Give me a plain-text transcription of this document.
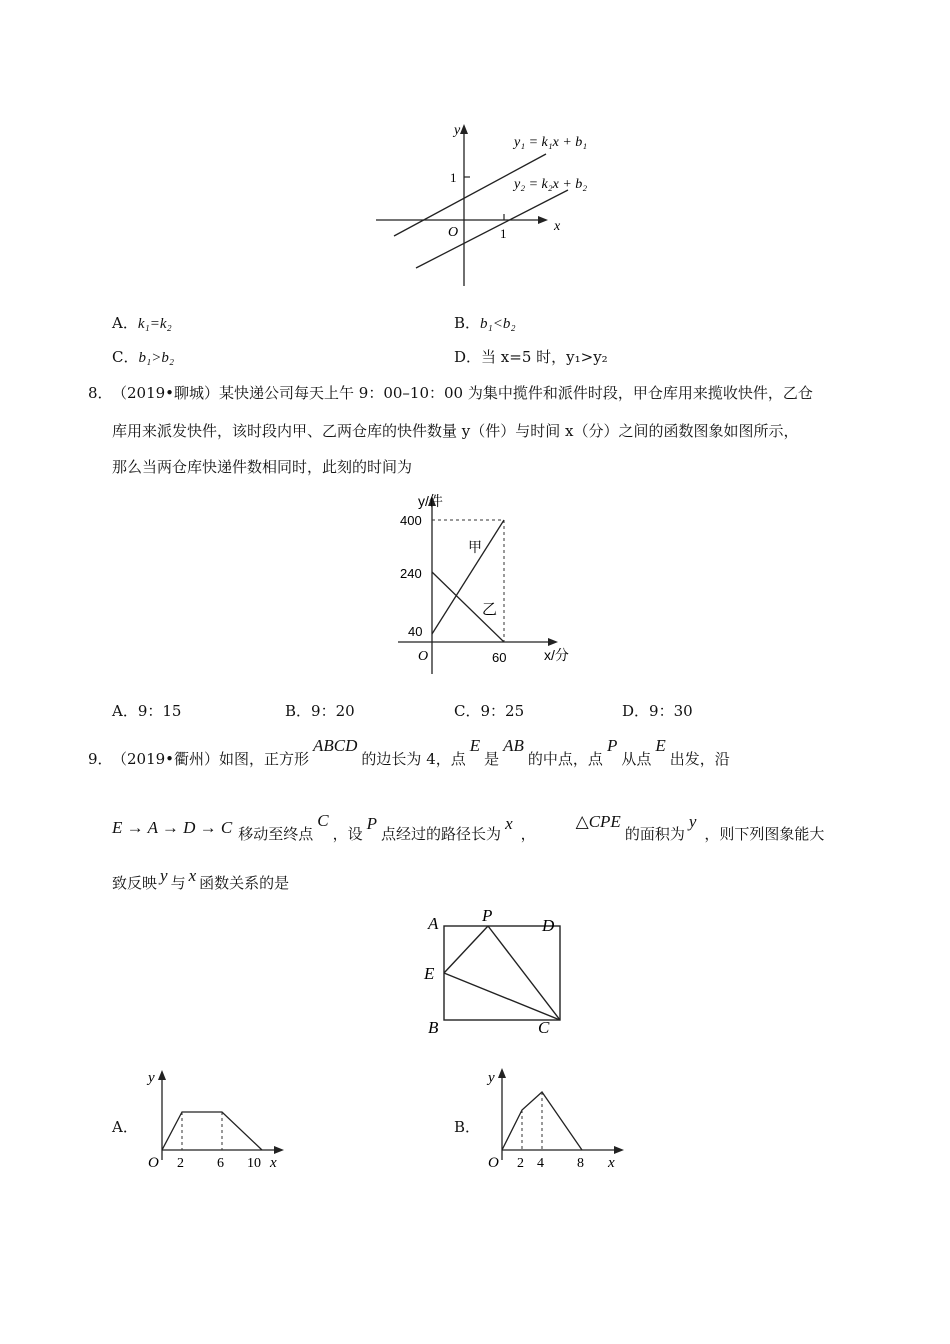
y
x
O
1
1
y₁ = k₁x + b₁
y₂ = k₂x + b₂
A．k₁=k₂	B．b₁<b₂
C．b₁>b₂	D．当 x=5 时，y₁>y₂
8． （2019•聊城）某快递公司每天上午 9：00–10：00 为集中揽件和派件时段，甲仓库用来揽收快件，乙仓
库用来派发快件，该时段内甲、乙两仓库的快件数量 y（件）与时间 x（分）之间的函数图象如图所示，
那么当两仓库快递件数相同时，此刻的时间为
y/件
x/分
O
400
240
40
60
甲
乙
A．9：15	B．9：20	C．9：25	D．9：30
9． （2019•衢州）如图，正方形ABCD的边长为 4，点E是AB的中点，点P从点E出发，沿
E → A → D → C 移动至终点C，设P点经过的路径长为x，△CPE的面积为y，则下列图象能大
致反映 y 与 x 函数关系的是
A	P
D
E
B	C
A．
y
O 2 6 10 x
B．
y
O 2 4 8 x
